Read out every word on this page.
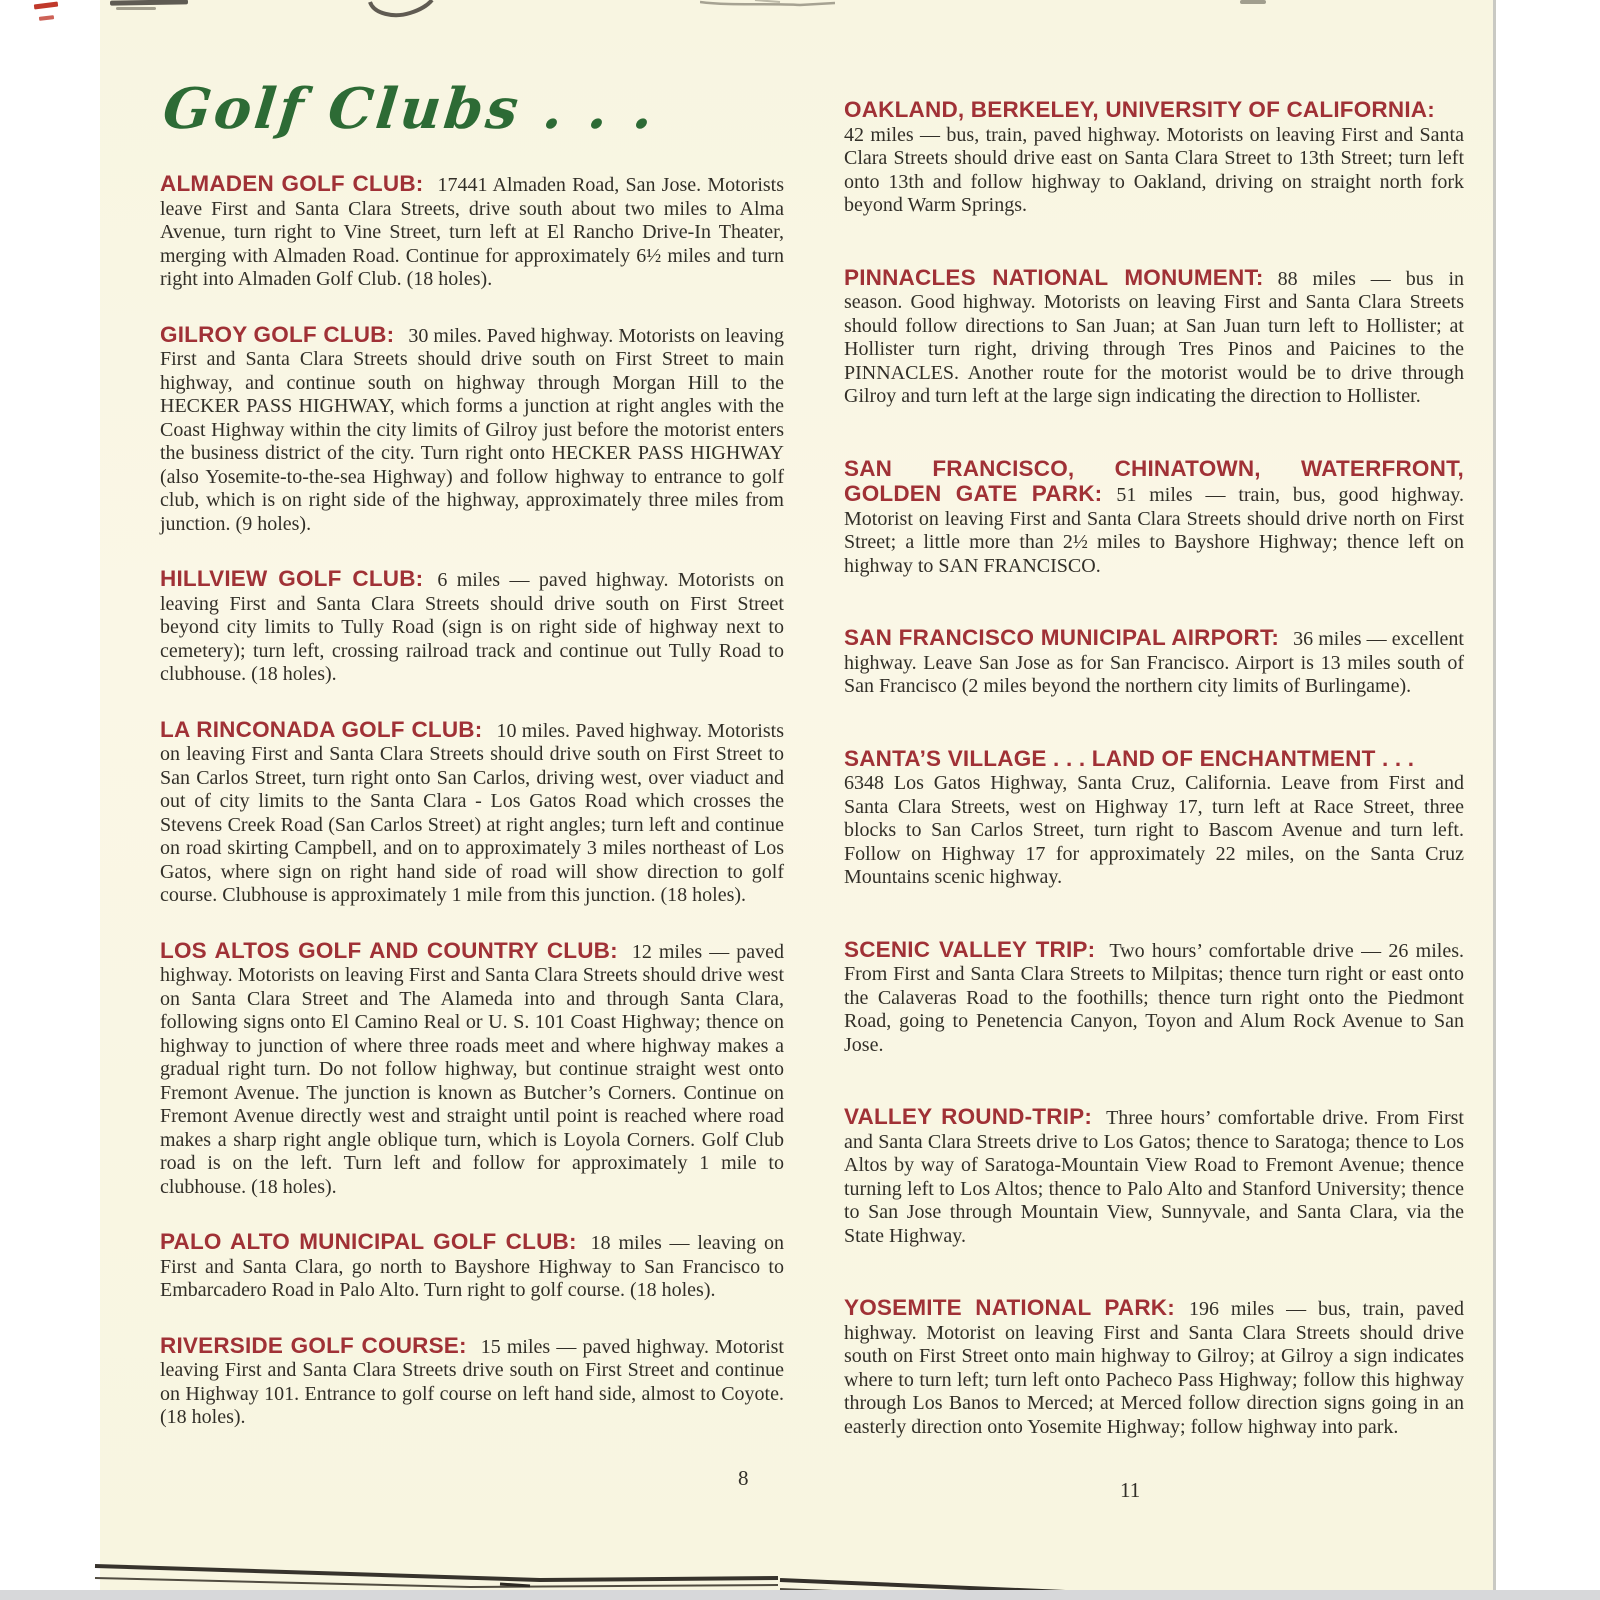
Golf Clubs . . .

ALMADEN GOLF CLUB: 17441 Almaden Road, San Jose. Motorists leave First and Santa Clara Streets, drive south about two miles to Alma Avenue, turn right to Vine Street, turn left at El Rancho Drive-In Theater, merging with Almaden Road. Continue for approximately 6½ miles and turn right into Almaden Golf Club. (18 holes).

GILROY GOLF CLUB: 30 miles. Paved highway. Motorists on leaving First and Santa Clara Streets should drive south on First Street to main highway, and continue south on highway through Morgan Hill to the HECKER PASS HIGHWAY, which forms a junction at right angles with the Coast Highway within the city limits of Gilroy just before the motorist enters the business district of the city. Turn right onto HECKER PASS HIGHWAY (also Yosemite-to-the-sea Highway) and follow highway to entrance to golf club, which is on right side of the highway, approximately three miles from junction. (9 holes).

HILLVIEW GOLF CLUB: 6 miles — paved highway. Motorists on leaving First and Santa Clara Streets should drive south on First Street beyond city limits to Tully Road (sign is on right side of highway next to cemetery); turn left, crossing railroad track and continue out Tully Road to clubhouse. (18 holes).

LA RINCONADA GOLF CLUB: 10 miles. Paved highway. Motorists on leaving First and Santa Clara Streets should drive south on First Street to San Carlos Street, turn right onto San Carlos, driving west, over viaduct and out of city limits to the Santa Clara - Los Gatos Road which crosses the Stevens Creek Road (San Carlos Street) at right angles; turn left and continue on road skirting Campbell, and on to approximately 3 miles northeast of Los Gatos, where sign on right hand side of road will show direction to golf course. Clubhouse is approximately 1 mile from this junction. (18 holes).

LOS ALTOS GOLF AND COUNTRY CLUB: 12 miles — paved highway. Motorists on leaving First and Santa Clara Streets should drive west on Santa Clara Street and The Alameda into and through Santa Clara, following signs onto El Camino Real or U. S. 101 Coast Highway; thence on highway to junction of where three roads meet and where highway makes a gradual right turn. Do not follow highway, but continue straight west onto Fremont Avenue. The junction is known as Butcher’s Corners. Continue on Fremont Avenue directly west and straight until point is reached where road makes a sharp right angle oblique turn, which is Loyola Corners. Golf Club road is on the left. Turn left and follow for approximately 1 mile to clubhouse. (18 holes).

PALO ALTO MUNICIPAL GOLF CLUB: 18 miles — leaving on First and Santa Clara, go north to Bayshore Highway to San Francisco to Embarcadero Road in Palo Alto. Turn right to golf course. (18 holes).

RIVERSIDE GOLF COURSE: 15 miles — paved highway. Motorist leaving First and Santa Clara Streets drive south on First Street and continue on Highway 101. Entrance to golf course on left hand side, almost to Coyote. (18 holes).

OAKLAND, BERKELEY, UNIVERSITY OF CALIFORNIA:
42 miles — bus, train, paved highway. Motorists on leaving First and Santa Clara Streets should drive east on Santa Clara Street to 13th Street; turn left onto 13th and follow highway to Oakland, driving on straight north fork beyond Warm Springs.

PINNACLES NATIONAL MONUMENT: 88 miles — bus in season. Good highway. Motorists on leaving First and Santa Clara Streets should follow directions to San Juan; at San Juan turn left to Hollister; at Hollister turn right, driving through Tres Pinos and Paicines to the PINNACLES. Another route for the motorist would be to drive through Gilroy and turn left at the large sign indicating the direction to Hollister.

SAN FRANCISCO, CHINATOWN, WATERFRONT, GOLDEN GATE PARK: 51 miles — train, bus, good highway. Motorist on leaving First and Santa Clara Streets should drive north on First Street; a little more than 2½ miles to Bayshore Highway; thence left on highway to SAN FRANCISCO.

SAN FRANCISCO MUNICIPAL AIRPORT: 36 miles — excellent highway. Leave San Jose as for San Francisco. Airport is 13 miles south of San Francisco (2 miles beyond the northern city limits of Burlingame).

SANTA’S VILLAGE . . . LAND OF ENCHANTMENT . . .
6348 Los Gatos Highway, Santa Cruz, California. Leave from First and Santa Clara Streets, west on Highway 17, turn left at Race Street, three blocks to San Carlos Street, turn right to Bascom Avenue and turn left. Follow on Highway 17 for approximately 22 miles, on the Santa Cruz Mountains scenic highway.

SCENIC VALLEY TRIP: Two hours’ comfortable drive — 26 miles. From First and Santa Clara Streets to Milpitas; thence turn right or east onto the Calaveras Road to the foothills; thence turn right onto the Piedmont Road, going to Penetencia Canyon, Toyon and Alum Rock Avenue to San Jose.

VALLEY ROUND-TRIP: Three hours’ comfortable drive. From First and Santa Clara Streets drive to Los Gatos; thence to Saratoga; thence to Los Altos by way of Saratoga-Mountain View Road to Fremont Avenue; thence turning left to Los Altos; thence to Palo Alto and Stanford University; thence to San Jose through Mountain View, Sunnyvale, and Santa Clara, via the State Highway.

YOSEMITE NATIONAL PARK: 196 miles — bus, train, paved highway. Motorist on leaving First and Santa Clara Streets should drive south on First Street onto main highway to Gilroy; at Gilroy a sign indicates where to turn left; turn left onto Pacheco Pass Highway; follow this highway through Los Banos to Merced; at Merced follow direction signs going in an easterly direction onto Yosemite Highway; follow highway into park.

8	11
